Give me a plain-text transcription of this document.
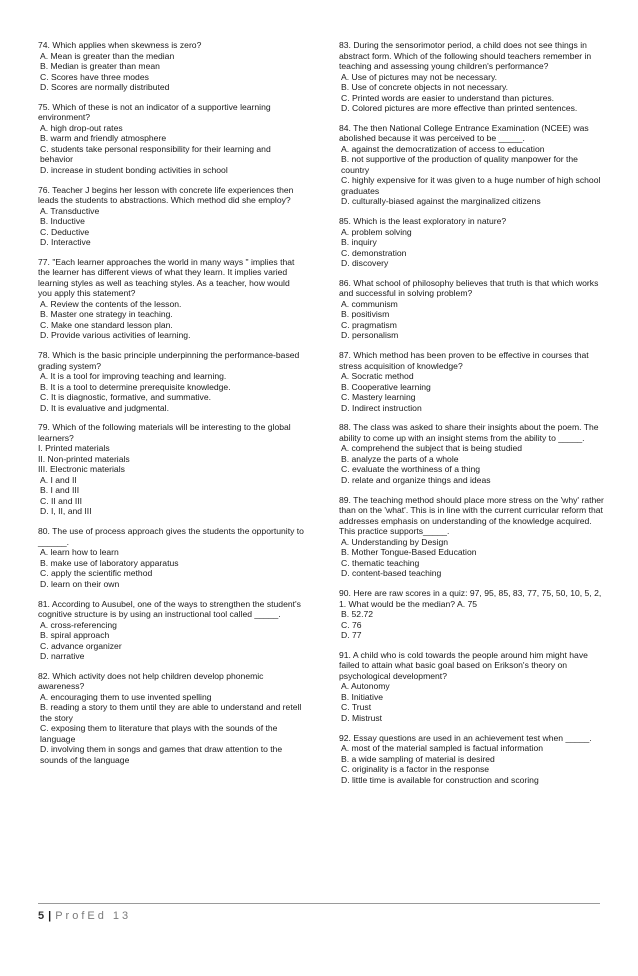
74. Which applies when skewness is zero?
A. Mean is greater than the median
B. Median is greater than mean
C. Scores have three modes
D. Scores are normally distributed
75. Which of these is not an indicator of a supportive learning environment?
A. high drop-out rates
B. warm and friendly atmosphere
C. students take personal responsibility for their learning and behavior
D. increase in student bonding activities in school
76. Teacher J begins her lesson with concrete life experiences then leads the students to abstractions. Which method did she employ?
A. Transductive
B. Inductive
C. Deductive
D. Interactive
77. "Each learner approaches the world in many ways " implies that the learner has different views of what they learn. It implies varied learning styles as well as teaching styles. As a teacher, how would you apply this statement?
A. Review the contents of the lesson.
B. Master one strategy in teaching.
C. Make one standard lesson plan.
D. Provide various activities of learning.
78. Which is the basic principle underpinning the performance-based grading system?
A. It is a tool for improving teaching and learning.
B. It is a tool to determine prerequisite knowledge.
C. It is diagnostic, formative, and summative.
D. It is evaluative and judgmental.
79. Which of the following materials will be interesting to the global learners?
I. Printed materials
II. Non-printed materials
III. Electronic materials
A. I and II
B. I and III
C. II and III
D. I, II, and III
80. The use of process approach gives the students the opportunity to ______.
A. learn how to learn
B. make use of laboratory apparatus
C. apply the scientific method
D. learn on their own
81. According to Ausubel, one of the ways to strengthen the student's cognitive structure is by using an instructional tool called _____.
A. cross-referencing
B. spiral approach
C. advance organizer
D. narrative
82. Which activity does not help children develop phonemic awareness?
A. encouraging them to use invented spelling
B. reading a story to them until they are able to understand and retell the story
C. exposing them to literature that plays with the sounds of the language
D. involving them in songs and games that draw attention to the sounds of the language
83. During the sensorimotor period, a child does not see things in abstract form. Which of the following should teachers remember in teaching and assessing young children's performance?
A. Use of pictures may not be necessary.
B. Use of concrete objects in not necessary.
C. Printed words are easier to understand than pictures.
D. Colored pictures are more effective than printed sentences.
84. The then National College Entrance Examination (NCEE) was abolished because it was perceived to be _____.
A. against the democratization of access to education
B. not supportive of the production of quality manpower for the country
C. highly expensive for it was given to a huge number of high school graduates
D. culturally-biased against the marginalized citizens
85. Which is the least exploratory in nature?
A. problem solving
B. inquiry
C. demonstration
D. discovery
86. What school of philosophy believes that truth is that which works and successful in solving problem?
A. communism
B. positivism
C. pragmatism
D. personalism
87. Which method has been proven to be effective in courses that stress acquisition of knowledge?
A. Socratic method
B. Cooperative learning
C. Mastery learning
D. Indirect instruction
88. The class was asked to share their insights about the poem. The ability to come up with an insight stems from the ability to _____.
A. comprehend the subject that is being studied
B. analyze the parts of a whole
C. evaluate the worthiness of a thing
D. relate and organize things and ideas
89. The teaching method should place more stress on the 'why' rather than on the 'what'. This is in line with the current curricular reform that addresses emphasis on understanding of the knowledge acquired. This practice supports_____.
A. Understanding by Design
B. Mother Tongue-Based Education
C. thematic teaching
D. content-based teaching
90. Here are raw scores in a quiz: 97, 95, 85, 83, 77, 75, 50, 10, 5, 2, 1. What would be the median? A. 75
B. 52.72
C. 76
D. 77
91. A child who is cold towards the people around him might have failed to attain what basic goal based on Erikson's theory on psychological development?
A. Autonomy
B. Initiative
C. Trust
D. Mistrust
92. Essay questions are used in an achievement test when _____.
A. most of the material sampled is factual information
B. a wide sampling of material is desired
C. originality is a factor in the response
D. little time is available for construction and scoring
5 | ProfEd 13
